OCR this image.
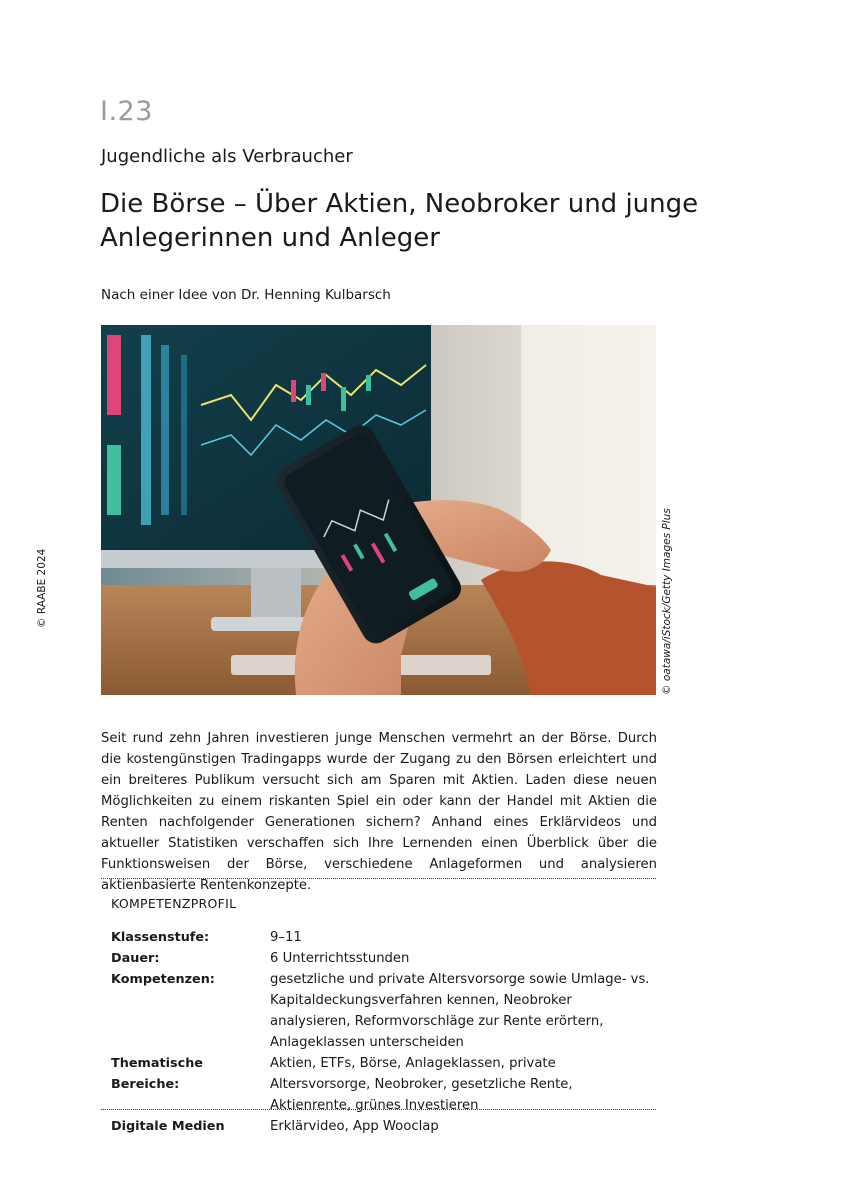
I.23
Jugendliche als Verbraucher
Die Börse – Über Aktien, Neobroker und junge Anlegerinnen und Anleger
Nach einer Idee von Dr. Henning Kulbarsch
© oatawa/iStock/Getty Images Plus
© RAABE 2024

Seit rund zehn Jahren investieren junge Menschen vermehrt an der Börse. Durch die kostengünstigen Tradingapps wurde der Zugang zu den Börsen erleichtert und ein breiteres Publikum versucht sich am Sparen mit Aktien. Laden diese neuen Möglichkeiten zu einem riskanten Spiel ein oder kann der Handel mit Aktien die Renten nachfolgender Generationen sichern? Anhand eines Erklärvideos und aktueller Statistiken verschaffen sich Ihre Lernenden einen Überblick über die Funktionsweisen der Börse, verschiedene Anlageformen und analysieren aktienbasierte Rentenkonzepte.

KOMPETENZPROFIL
Klassenstufe:	9–11
Dauer:	6 Unterrichtsstunden
Kompetenzen:	gesetzliche und private Altersvorsorge sowie Umlage- vs. Kapitaldeckungsverfahren kennen, Neobroker analysieren, Reformvorschläge zur Rente erörtern, Anlageklassen unterscheiden
Thematische Bereiche:
Aktien, ETFs, Börse, Anlageklassen, private Altersvorsorge, Neobroker, gesetzliche Rente, Aktienrente, grünes Investieren
Digitale Medien	Erklärvideo, App Wooclap
